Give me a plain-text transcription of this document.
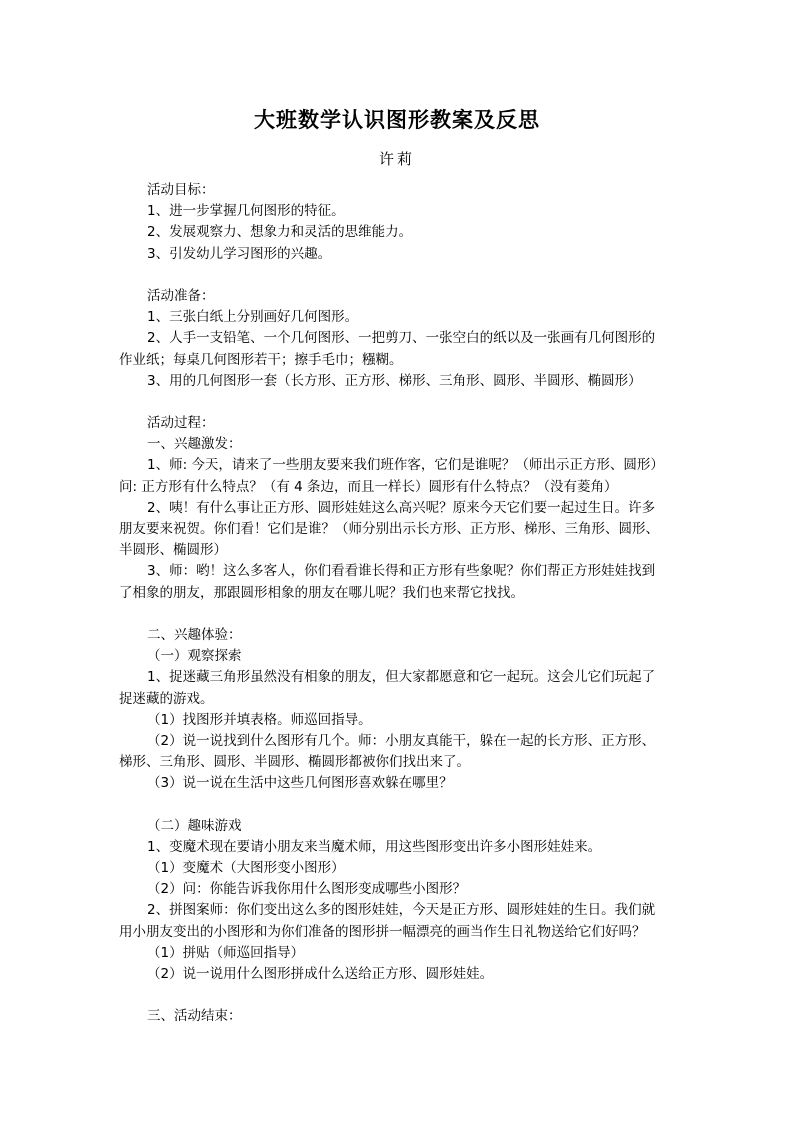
大班数学认识图形教案及反思
许莉
活动目标：
1、进一步掌握几何图形的特征。
2、发展观察力、想象力和灵活的思维能力。
3、引发幼儿学习图形的兴趣。
活动准备：
1、三张白纸上分别画好几何图形。
2、人手一支铅笔、一个几何图形、一把剪刀、一张空白的纸以及一张画有几何图形的
作业纸；每桌几何图形若干；擦手毛巾；糨糊。
3、用的几何图形一套（长方形、正方形、梯形、三角形、圆形、半圆形、椭圆形）
活动过程：
一、兴趣激发：
1、师: 今天，请来了一些朋友要来我们班作客，它们是谁呢？（师出示正方形、圆形）
问: 正方形有什么特点？（有 4 条边，而且一样长）圆形有什么特点？（没有菱角）
2、咦！有什么事让正方形、圆形娃娃这么高兴呢？原来今天它们要一起过生日。许多
朋友要来祝贺。你们看！它们是谁？（师分别出示长方形、正方形、梯形、三角形、圆形、
半圆形、椭圆形）
3、师：哟！这么多客人，你们看看谁长得和正方形有些象呢？你们帮正方形娃娃找到
了相象的朋友，那跟圆形相象的朋友在哪儿呢？我们也来帮它找找。
二、兴趣体验：
（一）观察探索
1、捉迷藏三角形虽然没有相象的朋友，但大家都愿意和它一起玩。这会儿它们玩起了
捉迷藏的游戏。
（1）找图形并填表格。师巡回指导。
（2）说一说找到什么图形有几个。师：小朋友真能干，躲在一起的长方形、正方形、
梯形、三角形、圆形、半圆形、椭圆形都被你们找出来了。
（3）说一说在生活中这些几何图形喜欢躲在哪里？
（二）趣味游戏
1、变魔术现在要请小朋友来当魔术师，用这些图形变出许多小图形娃娃来。
（1）变魔术（大图形变小图形）
（2）问：你能告诉我你用什么图形变成哪些小图形？
2、拼图案师：你们变出这么多的图形娃娃，今天是正方形、圆形娃娃的生日。我们就
用小朋友变出的小图形和为你们准备的图形拼一幅漂亮的画当作生日礼物送给它们好吗？
（1）拼贴（师巡回指导）
（2）说一说用什么图形拼成什么送给正方形、圆形娃娃。
三、活动结束：
